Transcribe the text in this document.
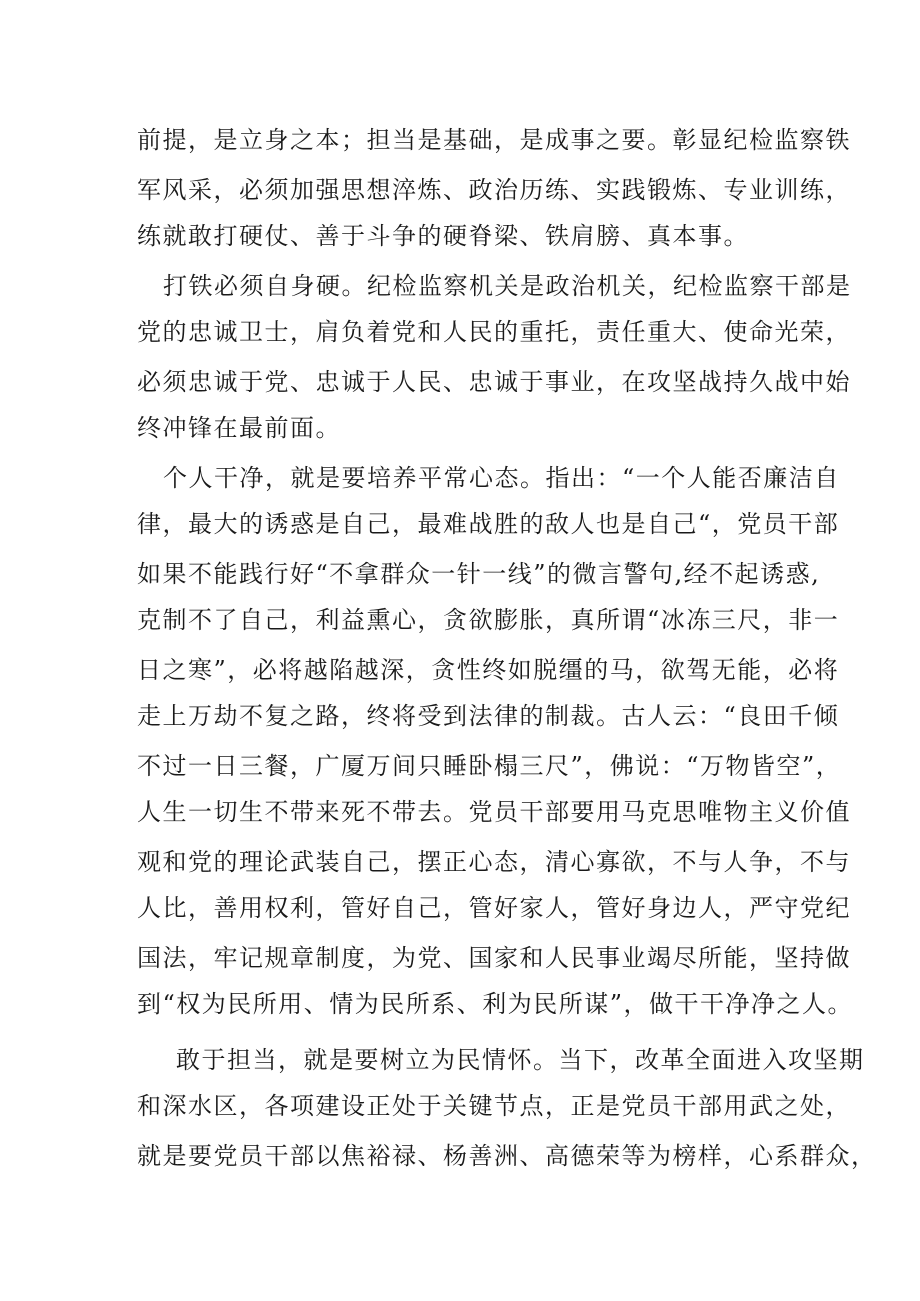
前提，是立身之本；担当是基础，是成事之要。彰显纪检监察铁
军风采，必须加强思想淬炼、政治历练、实践锻炼、专业训练，
练就敢打硬仗、善于斗争的硬脊梁、铁肩膀、真本事。
打铁必须自身硬。纪检监察机关是政治机关，纪检监察干部是
党的忠诚卫士，肩负着党和人民的重托，责任重大、使命光荣，
必须忠诚于党、忠诚于人民、忠诚于事业，在攻坚战持久战中始
终冲锋在最前面。
个人干净，就是要培养平常心态。指出：“一个人能否廉洁自
律，最大的诱惑是自己，最难战胜的敌人也是自己“，党员干部
如果不能践行好“不拿群众一针一线”的微言警句,经不起诱惑,
克制不了自己，利益熏心，贪欲膨胀，真所谓“冰冻三尺，非一
日之寒”，必将越陷越深，贪性终如脱缰的马，欲驾无能，必将
走上万劫不复之路，终将受到法律的制裁。古人云：“良田千倾
不过一日三餐，广厦万间只睡卧榻三尺”，佛说：“万物皆空”，
人生一切生不带来死不带去。党员干部要用马克思唯物主义价值
观和党的理论武装自己，摆正心态，清心寡欲，不与人争，不与
人比，善用权利，管好自己，管好家人，管好身边人，严守党纪
国法，牢记规章制度，为党、国家和人民事业竭尽所能，坚持做
到“权为民所用、情为民所系、利为民所谋”，做干干净净之人。
敢于担当，就是要树立为民情怀。当下，改革全面进入攻坚期
和深水区，各项建设正处于关键节点，正是党员干部用武之处，
就是要党员干部以焦裕禄、杨善洲、高德荣等为榜样，心系群众，
